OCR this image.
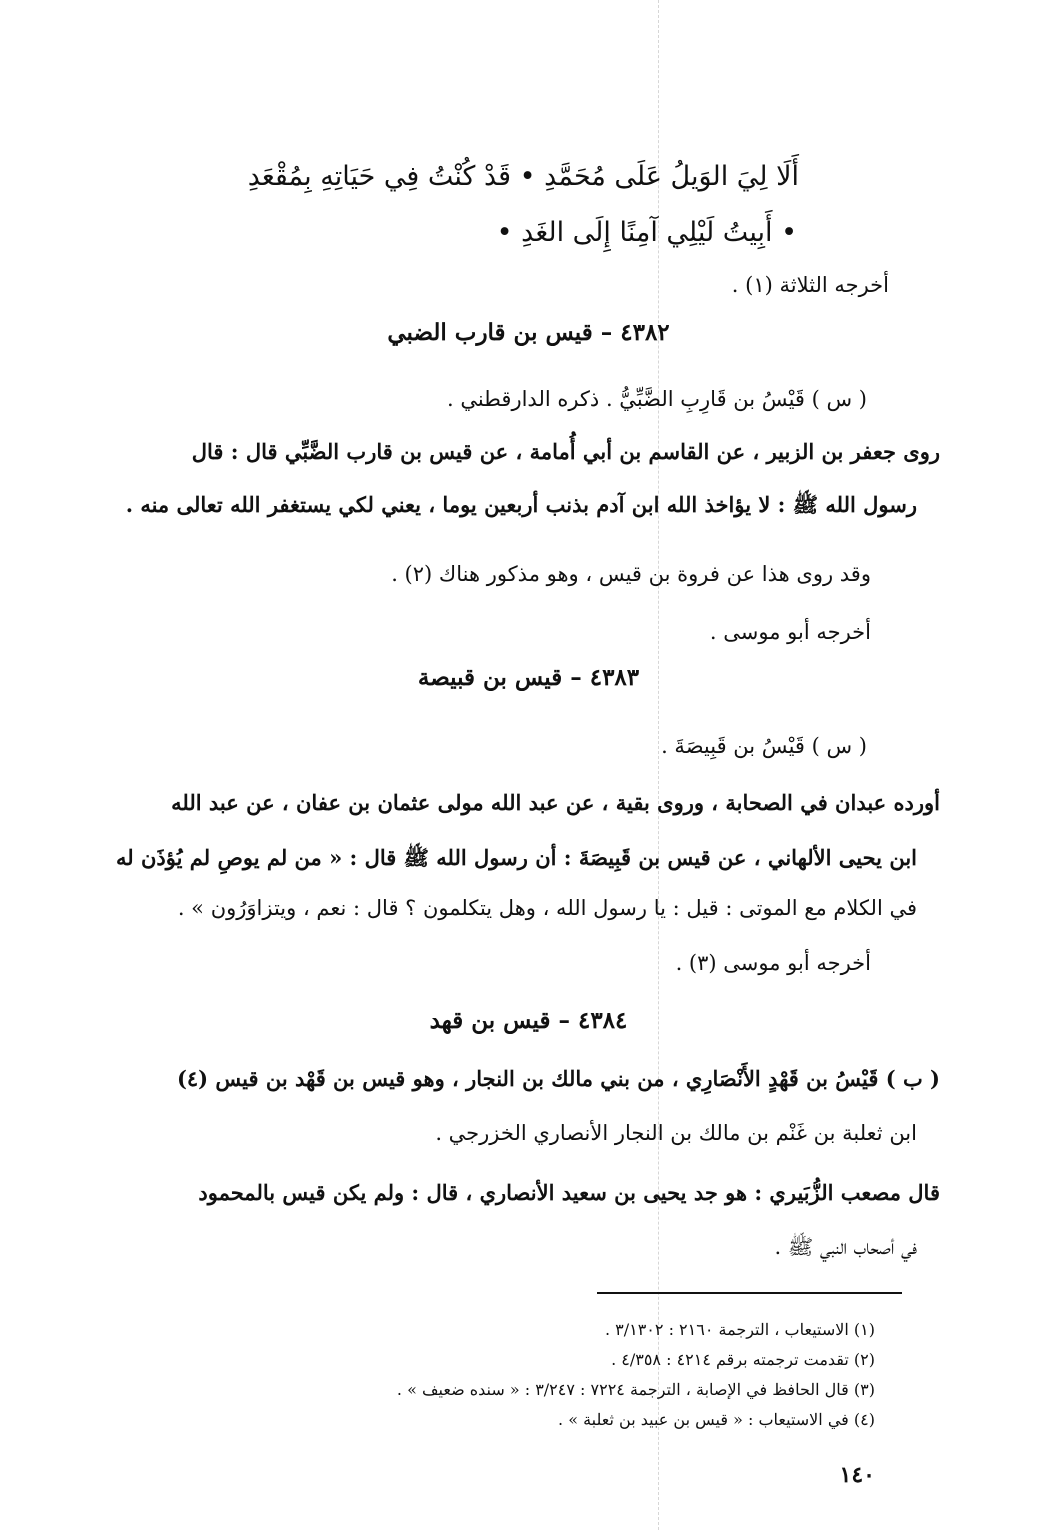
أَلَا لِيَ الوَيلُ عَلَى مُحَمَّدِ • قَدْ كُنْتُ فِي حَيَاتِهِ بِمُقْعَدِ

• أَبِيتُ لَيْلِي آمِنًا إِلَى الغَدِ •

أخرجه الثلاثة (١) .

٤٣٨٢ – قيس بن قارب الضبي

( س ) قَيْسُ بن قَارِبِ الضَّبِّيُّ . ذكره الدارقطني .

روى جعفر بن الزبير ، عن القاسم بن أبي أُمامة ، عن قيس بن قارب الضَّبِّي قال : قال

رسول الله ﷺ : لا يؤاخذ الله ابن آدم بذنب أربعين يوما ، يعني لكي يستغفر الله تعالى منه .

وقد روى هذا عن فروة بن قيس ، وهو مذكور هناك (٢) .

أخرجه أبو موسى .

٤٣٨٣ – قيس بن قبيصة

( س ) قَيْسُ بن قَبِيصَةَ .

أورده عبدان في الصحابة ، وروى بقية ، عن عبد الله مولى عثمان بن عفان ، عن عبد الله

ابن يحيى الألهاني ، عن قيس بن قَبِيصَةَ : أن رسول الله ﷺ قال : « من لم يوصِ لم يُؤذَن له

في الكلام مع الموتى : قيل : يا رسول الله ، وهل يتكلمون ؟ قال : نعم ، ويتزاوَرُون » .

أخرجه أبو موسى (٣) .

٤٣٨٤ – قيس بن قهد

( ب ) قَيْسُ بن قَهْدٍ الأَنْصَارِي ، من بني مالك بن النجار ، وهو قيس بن قَهْد بن قيس (٤)

ابن ثعلبة بن غَنْم بن مالك بن النجار الأنصاري الخزرجي .

قال مصعب الزُّبَيري : هو جد يحيى بن سعيد الأنصاري ، قال : ولم يكن قيس بالمحمود

في أصحاب النبي ﷺ .

(١) الاستيعاب ، الترجمة ٢١٦٠ : ٣/١٣٠٢ .

(٢) تقدمت ترجمته برقم ٤٢١٤ : ٤/٣٥٨ .

(٣) قال الحافظ في الإصابة ، الترجمة ٧٢٢٤ : ٣/٢٤٧ : « سنده ضعيف » .

(٤) في الاستيعاب : « قيس بن عبيد بن ثعلبة » .

١٤٠
